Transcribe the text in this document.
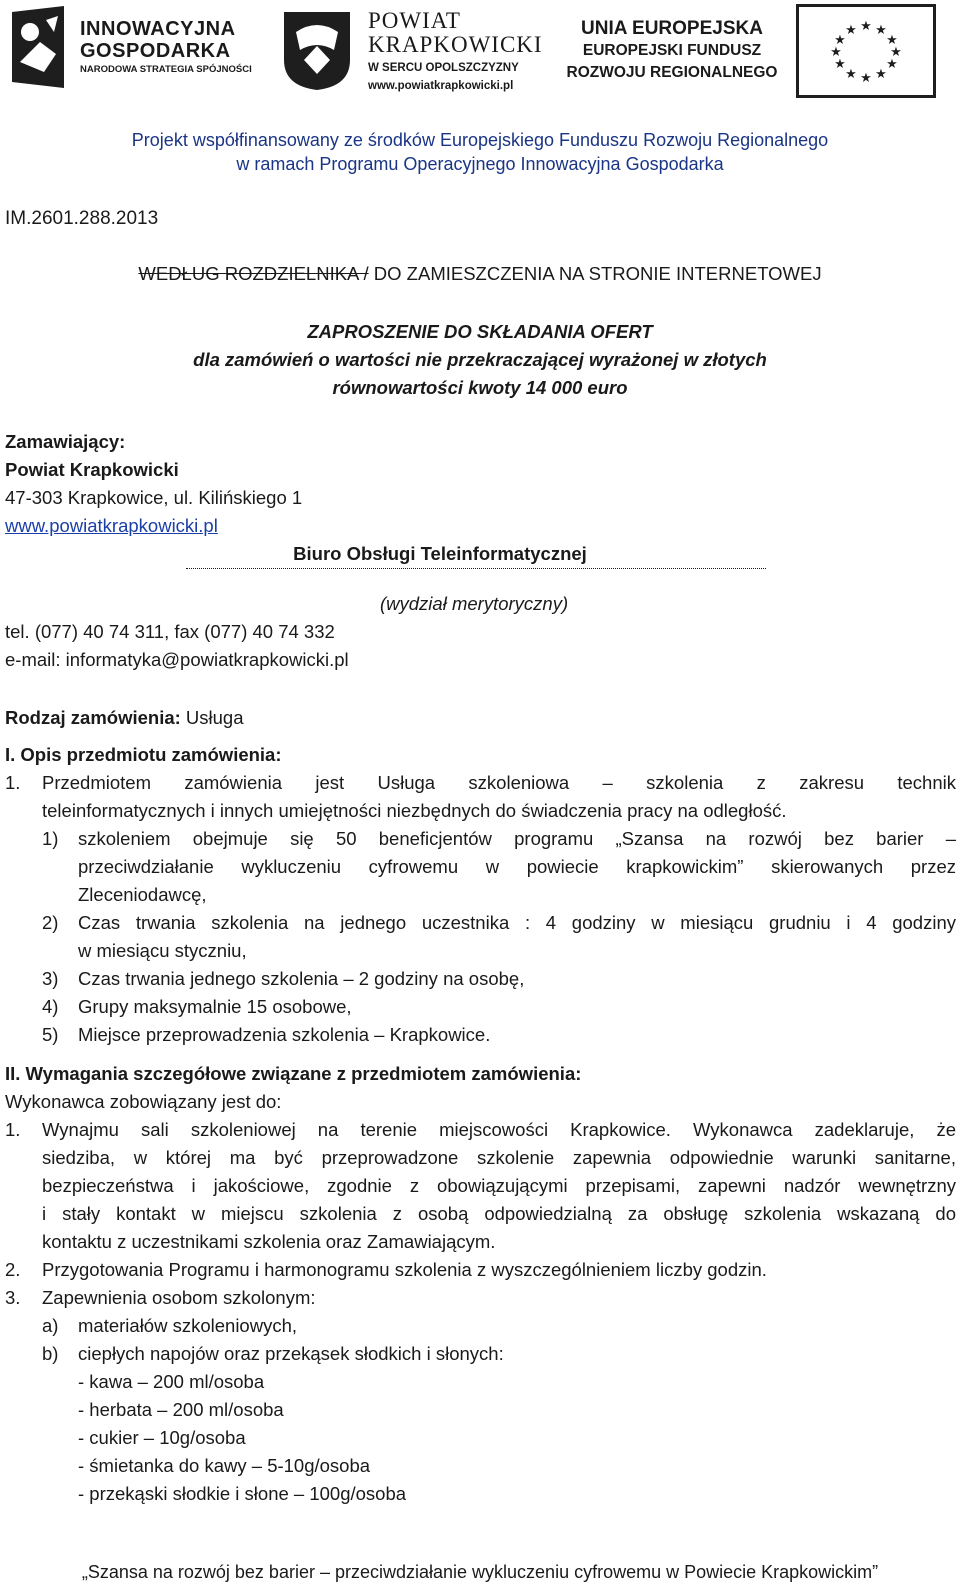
INNOWACYJNA
GOSPODARKA
NARODOWA STRATEGIA SPÓJNOŚCI
POWIAT
KRAPKOWICKI
W SERCU OPOLSZCZYZNY
www.powiatkrapkowicki.pl
UNIA EUROPEJSKA
EUROPEJSKI FUNDUSZ
ROZWOJU REGIONALNEGO
★ ★
★
★
★
★
★
★
★
★
★
★
Projekt współfinansowany ze środków Europejskiego Funduszu Rozwoju Regionalnego
w ramach Programu Operacyjnego Innowacyjna Gospodarka
IM.2601.288.2013
WEDŁUG ROZDZIELNIKA / DO ZAMIESZCZENIA NA STRONIE INTERNETOWEJ
ZAPROSZENIE DO SKŁADANIA OFERT
dla zamówień o wartości nie przekraczającej wyrażonej w złotych
równowartości kwoty 14 000 euro
Zamawiający:
Powiat Krapkowicki
47-303 Krapkowice, ul. Kilińskiego 1
www.powiatkrapkowicki.pl
Biuro Obsługi Teleinformatycznej
(wydział merytoryczny)
tel. (077) 40 74 311, fax (077) 40 74 332
e-mail: informatyka@powiatkrapkowicki.pl
Rodzaj zamówienia: Usługa
I. Opis przedmiotu zamówienia:
1. Przedmiotem zamówienia jest Usługa szkoleniowa – szkolenia z zakresu technik
teleinformatycznych i innych umiejętności niezbędnych do świadczenia pracy na odległość.
1) szkoleniem obejmuje się 50 beneficjentów programu „Szansa na rozwój bez barier –
przeciwdziałanie wykluczeniu cyfrowemu w powiecie krapkowickim” skierowanych przez
Zleceniodawcę,
2) Czas trwania szkolenia na jednego uczestnika : 4 godziny w miesiącu grudniu i 4 godziny
w miesiącu styczniu,
3) Czas trwania jednego szkolenia – 2 godziny na osobę,
4) Grupy maksymalnie 15 osobowe,
5) Miejsce przeprowadzenia szkolenia – Krapkowice.
II. Wymagania szczegółowe związane z przedmiotem zamówienia:
Wykonawca zobowiązany jest do:
1. Wynajmu sali szkoleniowej na terenie miejscowości Krapkowice. Wykonawca zadeklaruje, że
siedziba, w której ma być przeprowadzone szkolenie zapewnia odpowiednie warunki sanitarne,
bezpieczeństwa i jakościowe, zgodnie z obowiązującymi przepisami, zapewni nadzór wewnętrzny
i stały kontakt w miejscu szkolenia z osobą odpowiedzialną za obsługę szkolenia wskazaną do
kontaktu z uczestnikami szkolenia oraz Zamawiającym.
2. Przygotowania Programu i harmonogramu szkolenia z wyszczególnieniem liczby godzin.
3. Zapewnienia osobom szkolonym:
a) materiałów szkoleniowych,
b) ciepłych napojów oraz przekąsek słodkich i słonych:
- kawa – 200 ml/osoba
- herbata – 200 ml/osoba
- cukier – 10g/osoba
- śmietanka do kawy – 5-10g/osoba
- przekąski słodkie i słone – 100g/osoba
„Szansa na rozwój bez barier – przeciwdziałanie wykluczeniu cyfrowemu w Powiecie Krapkowickim”
